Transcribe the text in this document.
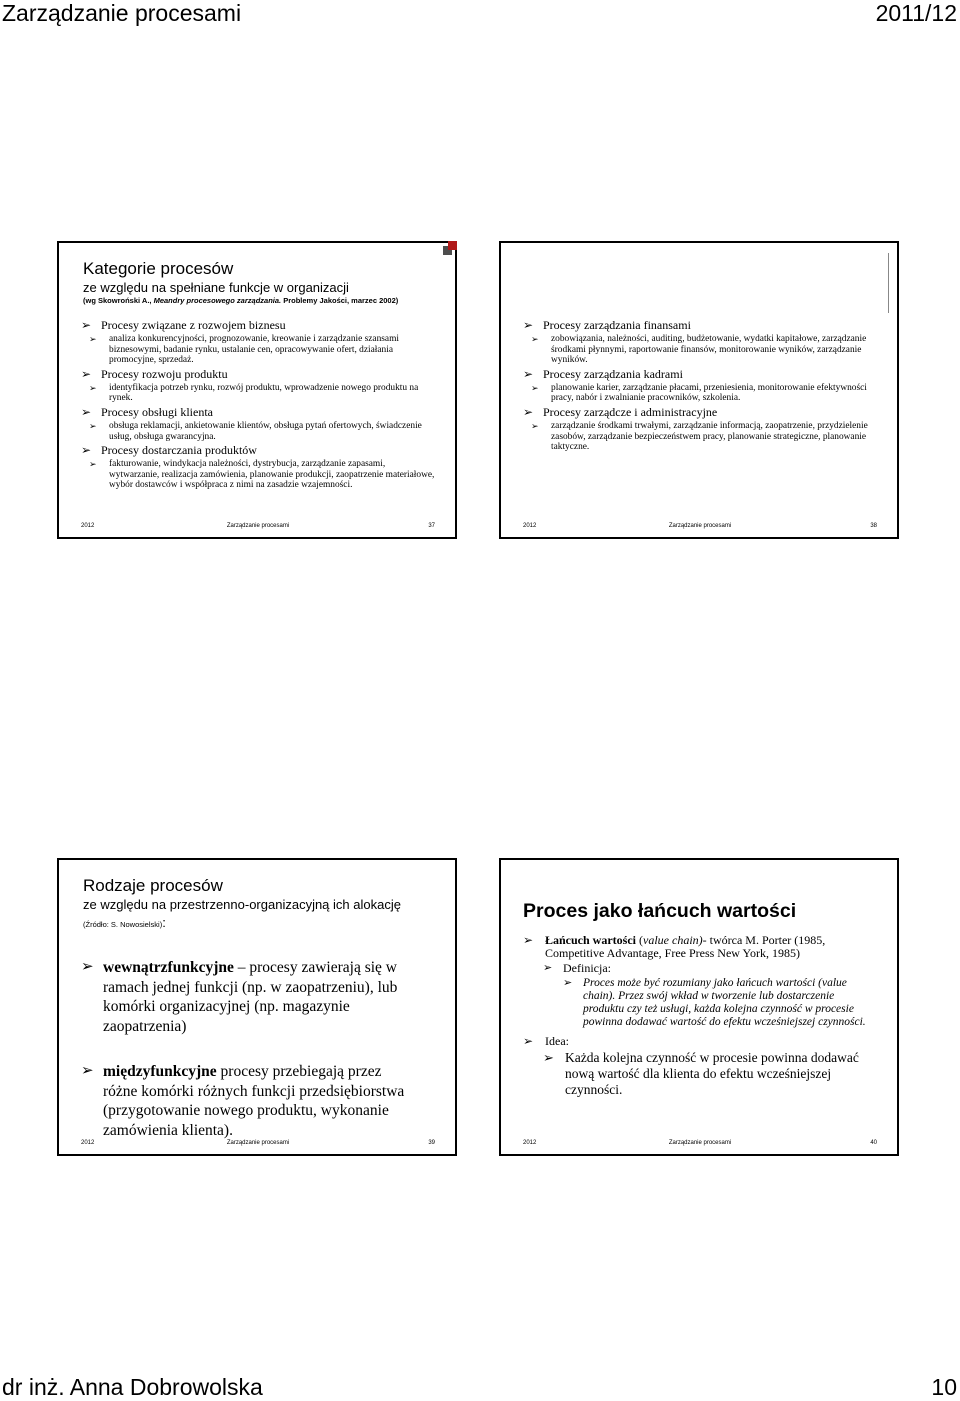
Zarządzanie procesami	2011/12
Kategorie procesów
ze względu na spełniane funkcje w organizacji
(wg Skowroński A., Meandry procesowego zarządzania. Problemy Jakości, marzec 2002)
➢ Procesy związane z rozwojem biznesu
➢ analiza konkurencyjności, prognozowanie, kreowanie i zarządzanie szansami biznesowymi, badanie rynku, ustalanie cen, opracowywanie ofert, działania promocyjne, sprzedaż.
➢ Procesy rozwoju produktu
➢ identyfikacja potrzeb rynku, rozwój produktu, wprowadzenie nowego produktu na rynek.
➢ Procesy obsługi klienta
➢ obsługa reklamacji, ankietowanie klientów, obsługa pytań ofertowych, świadczenie usług, obsługa gwarancyjna.
➢ Procesy dostarczania produktów
➢ fakturowanie, windykacja należności, dystrybucja, zarządzanie zapasami, wytwarzanie, realizacja zamówienia, planowanie produkcji, zaopatrzenie materiałowe, wybór dostawców i współpraca z nimi na zasadzie wzajemności.
2012	Zarządzanie procesami	37
➢ Procesy zarządzania finansami
➢ zobowiązania, należności, auditing, budżetowanie, wydatki kapitałowe, zarządzanie środkami płynnymi, raportowanie finansów, monitorowanie wyników, zarządzanie wyników.
➢ Procesy zarządzania kadrami
➢ planowanie karier, zarządzanie płacami, przeniesienia, monitorowanie efektywności pracy, nabór i zwalnianie pracowników, szkolenia.
➢ Procesy zarządcze i administracyjne
➢ zarządzanie środkami trwałymi, zarządzanie informacją, zaopatrzenie, przydzielenie zasobów, zarządzanie bezpieczeństwem pracy, planowanie strategiczne, planowanie taktyczne.
2012	Zarządzanie procesami	38
Rodzaje procesów
ze względu na przestrzenno-organizacyjną ich alokację
(Źródło: S. Nowosielski):
➢ wewnątrzfunkcyjne – procesy zawierają się w ramach jednej funkcji (np. w zaopatrzeniu), lub komórki organizacyjnej (np. magazynie zaopatrzenia)
➢ międzyfunkcyjne procesy przebiegają przez różne komórki różnych funkcji przedsiębiorstwa (przygotowanie nowego produktu, wykonanie zamówienia klienta).
2012	Zarządzanie procesami	39
Proces jako łańcuch wartości
➢ Łańcuch wartości (value chain)- twórca M. Porter (1985, Competitive Advantage, Free Press New York, 1985)
➢ Definicja:
➢ Proces może być rozumiany jako łańcuch wartości (value chain). Przez swój wkład w tworzenie lub dostarczenie produktu czy też usługi, każda kolejna czynność w procesie powinna dodawać wartość do efektu wcześniejszej czynności.
➢ Idea:
➢ Każda kolejna czynność w procesie powinna dodawać nową wartość dla klienta do efektu wcześniejszej czynności.
2012	Zarządzanie procesami	40
dr inż. Anna Dobrowolska	10
